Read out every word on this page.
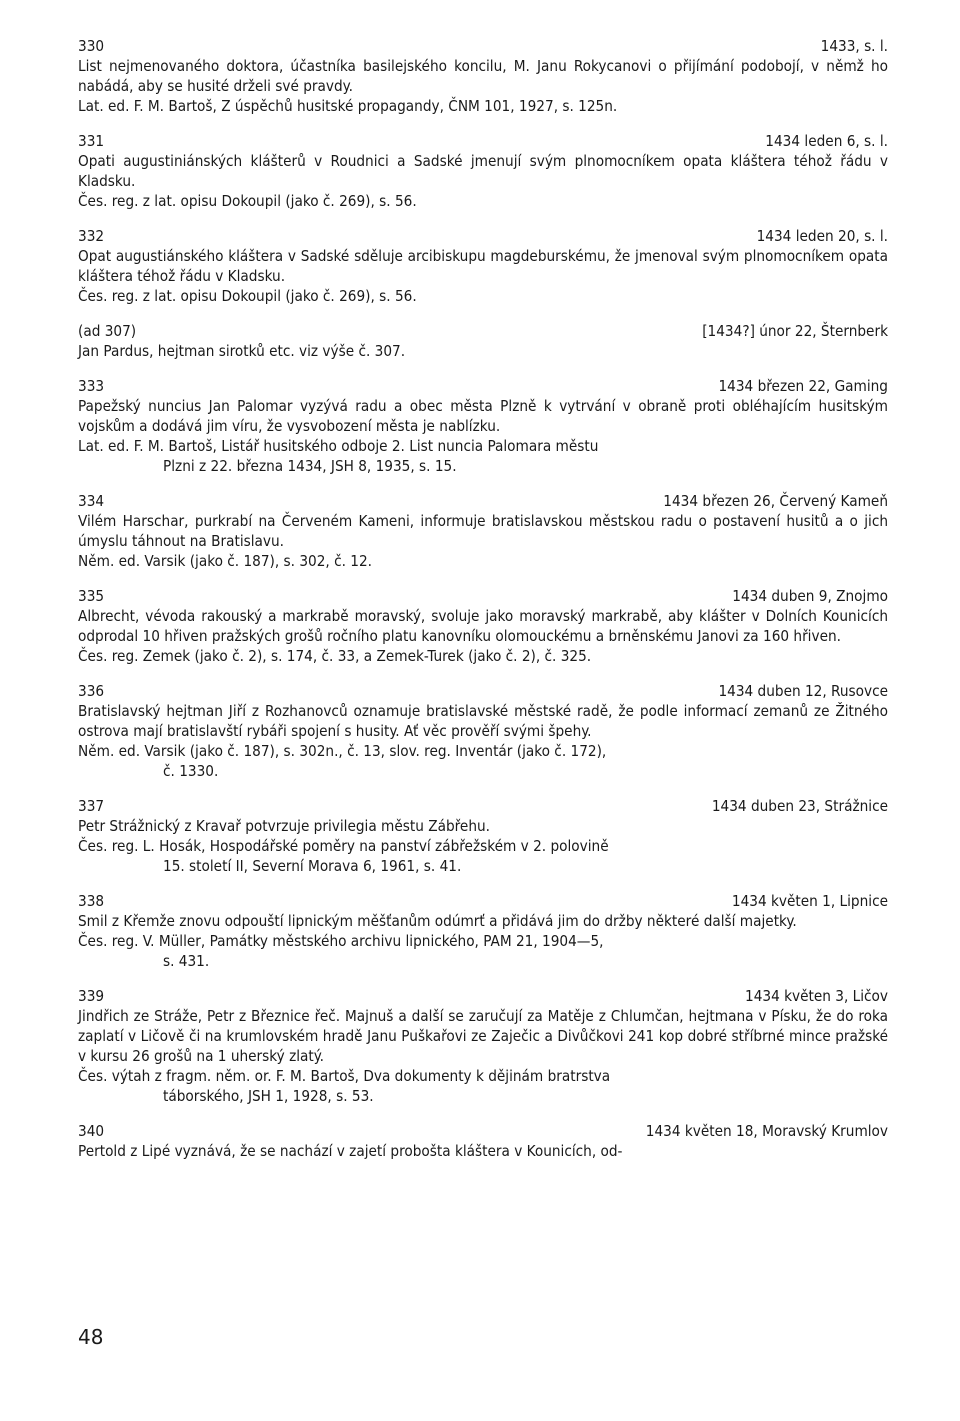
330	1433, s. l.
List nejmenovaného doktora, účastníka basilejského koncilu, M. Janu Rokycanovi o přijímání podobojí, v němž ho nabádá, aby se husité drželi své pravdy.
Lat. ed. F. M. Bartoš, Z úspěchů husitské propagandy, ČNM 101, 1927, s. 125n.
331	1434 leden 6, s. l.
Opati augustiniánských klášterů v Roudnici a Sadské jmenují svým plnomocníkem opata kláštera téhož řádu v Kladsku.
Čes. reg. z lat. opisu Dokoupil (jako č. 269), s. 56.
332	1434 leden 20, s. l.
Opat augustiánského kláštera v Sadské sděluje arcibiskupu magdeburskému, že jmenoval svým plnomocníkem opata kláštera téhož řádu v Kladsku.
Čes. reg. z lat. opisu Dokoupil (jako č. 269), s. 56.
(ad 307)	[1434?] únor 22, Šternberk
Jan Pardus, hejtman sirotků etc. viz výše č. 307.
333	1434 březen 22, Gaming
Papežský nuncius Jan Palomar vyzývá radu a obec města Plzně k vytrvání v obraně proti obléhajícím husitským vojskům a dodává jim víru, že vysvobození města je nablízku.
Lat. ed. F. M. Bartoš, Listář husitského odboje 2. List nuncia Palomara městu
Plzni z 22. března 1434, JSH 8, 1935, s. 15.
334	1434 březen 26, Červený Kameň
Vilém Harschar, purkrabí na Červeném Kameni, informuje bratislavskou městskou radu o postavení husitů a o jich úmyslu táhnout na Bratislavu.
Něm. ed. Varsik (jako č. 187), s. 302, č. 12.
335	1434 duben 9, Znojmo
Albrecht, vévoda rakouský a markrabě moravský, svoluje jako moravský markrabě, aby klášter v Dolních Kounicích odprodal 10 hřiven pražských grošů ročního platu kanovníku olomouckému a brněnskému Janovi za 160 hřiven.
Čes. reg. Zemek (jako č. 2), s. 174, č. 33, a Zemek-Turek (jako č. 2), č. 325.
336	1434 duben 12, Rusovce
Bratislavský hejtman Jiří z Rozhanovců oznamuje bratislavské městské radě, že podle informací zemanů ze Žitného ostrova mají bratislavští rybáři spojení s husity. Ať věc prověří svými špehy.
Něm. ed. Varsik (jako č. 187), s. 302n., č. 13, slov. reg. Inventár (jako č. 172),
č. 1330.
337	1434 duben 23, Strážnice
Petr Strážnický z Kravař potvrzuje privilegia městu Zábřehu.
Čes. reg. L. Hosák, Hospodářské poměry na panství zábřežském v 2. polovině
15. století II, Severní Morava 6, 1961, s. 41.
338	1434 květen 1, Lipnice
Smil z Křemže znovu odpouští lipnickým měšťanům odúmrť a přidává jim do držby některé další majetky.
Čes. reg. V. Müller, Památky městského archivu lipnického, PAM 21, 1904—5,
s. 431.
339	1434 květen 3, Ličov
Jindřich ze Stráže, Petr z Březnice řeč. Majnuš a další se zaručují za Matěje z Chlumčan, hejtmana v Písku, že do roka zaplatí v Ličově či na krumlovském hradě Janu Puškařovi ze Zaječic a Divůčkovi 241 kop dobré stříbrné mince pražské v kursu 26 grošů na 1 uherský zlatý.
Čes. výtah z fragm. něm. or. F. M. Bartoš, Dva dokumenty k dějinám bratrstva
táborského, JSH 1, 1928, s. 53.
340	1434 květen 18, Moravský Krumlov
Pertold z Lipé vyznává, že se nachází v zajetí probošta kláštera v Kounicích, od-
48
